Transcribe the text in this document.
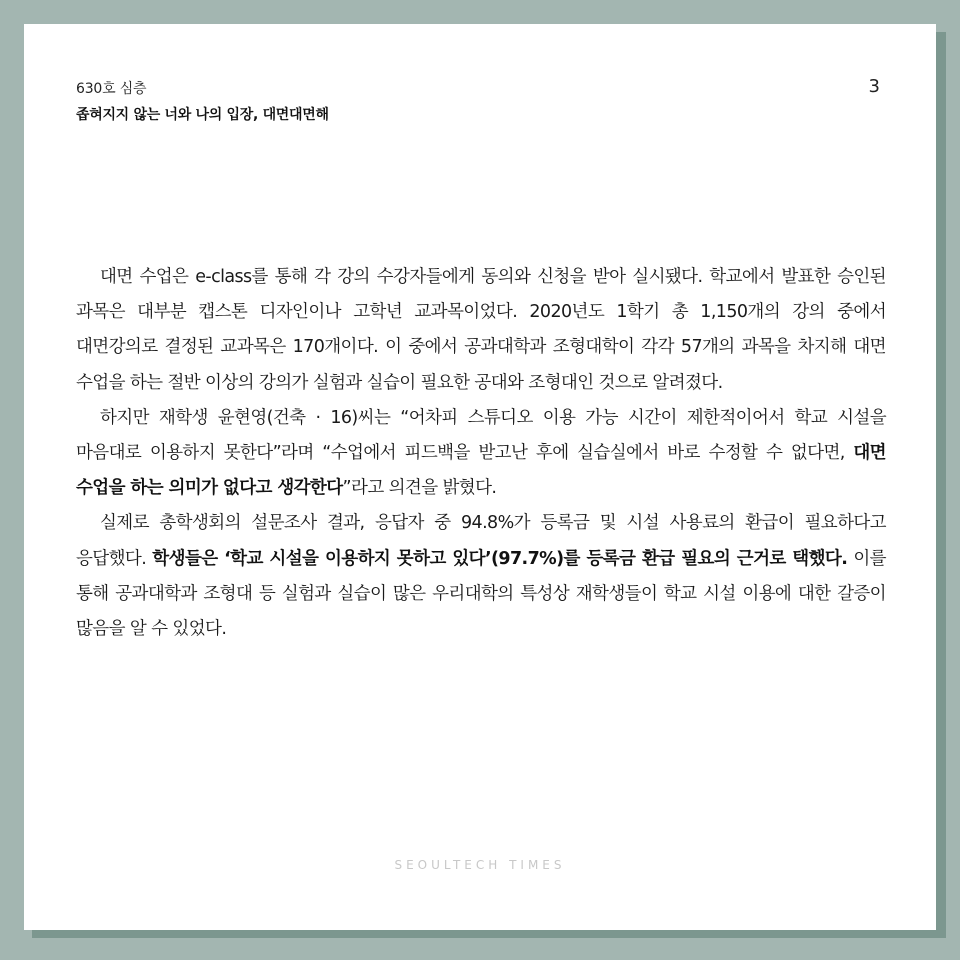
630호 심층
좁혀지지 않는 너와 나의 입장, 대면대면해
3

대면 수업은 e-class를 통해 각 강의 수강자들에게 동의와 신청을 받아 실시됐다. 학교에서 발표한 승인된 과목은 대부분 캡스톤 디자인이나 고학년 교과목이었다. 2020년도 1학기 총 1,150개의 강의 중에서 대면강의로 결정된 교과목은 170개이다. 이 중에서 공과대학과 조형대학이 각각 57개의 과목을 차지해 대면 수업을 하는 절반 이상의 강의가 실험과 실습이 필요한 공대와 조형대인 것으로 알려졌다.

하지만 재학생 윤현영(건축 · 16)씨는 “어차피 스튜디오 이용 가능 시간이 제한적이어서 학교 시설을 마음대로 이용하지 못한다”라며 “수업에서 피드백을 받고난 후에 실습실에서 바로 수정할 수 없다면, 대면 수업을 하는 의미가 없다고 생각한다”라고 의견을 밝혔다.

실제로 총학생회의 설문조사 결과, 응답자 중 94.8%가 등록금 및 시설 사용료의 환급이 필요하다고 응답했다. 학생들은 ‘학교 시설을 이용하지 못하고 있다’(97.7%)를 등록금 환급 필요의 근거로 택했다. 이를 통해 공과대학과 조형대 등 실험과 실습이 많은 우리대학의 특성상 재학생들이 학교 시설 이용에 대한 갈증이 많음을 알 수 있었다.

SEOULTECH TIMES
